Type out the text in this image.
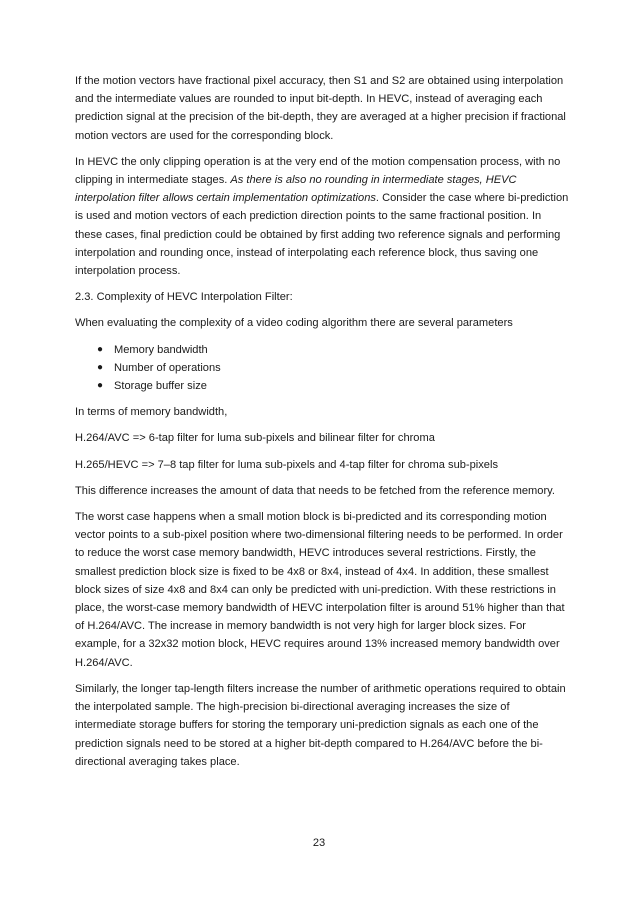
If the motion vectors have fractional pixel accuracy, then S1 and S2 are obtained using interpolation and the intermediate values are rounded to input bit-depth. In HEVC, instead of averaging each prediction signal at the precision of the bit-depth, they are averaged at a higher precision if fractional motion vectors are used for the corresponding block.

In HEVC the only clipping operation is at the very end of the motion compensation process, with no clipping in intermediate stages. As there is also no rounding in intermediate stages, HEVC interpolation filter allows certain implementation optimizations. Consider the case where bi-prediction is used and motion vectors of each prediction direction points to the same fractional position. In these cases, final prediction could be obtained by first adding two reference signals and performing interpolation and rounding once, instead of interpolating each reference block, thus saving one interpolation process.

2.3. Complexity of HEVC Interpolation Filter:

When evaluating the complexity of a video coding algorithm there are several parameters

● Memory bandwidth
● Number of operations
● Storage buffer size

In terms of memory bandwidth,

H.264/AVC => 6-tap filter for luma sub-pixels and bilinear filter for chroma

H.265/HEVC => 7–8 tap filter for luma sub-pixels and 4-tap filter for chroma sub-pixels

This difference increases the amount of data that needs to be fetched from the reference memory.

The worst case happens when a small motion block is bi-predicted and its corresponding motion vector points to a sub-pixel position where two-dimensional filtering needs to be performed. In order to reduce the worst case memory bandwidth, HEVC introduces several restrictions. Firstly, the smallest prediction block size is fixed to be 4x8 or 8x4, instead of 4x4. In addition, these smallest block sizes of size 4x8 and 8x4 can only be predicted with uni-prediction. With these restrictions in place, the worst-case memory bandwidth of HEVC interpolation filter is around 51% higher than that of H.264/AVC. The increase in memory bandwidth is not very high for larger block sizes. For example, for a 32x32 motion block, HEVC requires around 13% increased memory bandwidth over H.264/AVC.

Similarly, the longer tap-length filters increase the number of arithmetic operations required to obtain the interpolated sample. The high-precision bi-directional averaging increases the size of intermediate storage buffers for storing the temporary uni-prediction signals as each one of the prediction signals need to be stored at a higher bit-depth compared to H.264/AVC before the bi-directional averaging takes place.

23
